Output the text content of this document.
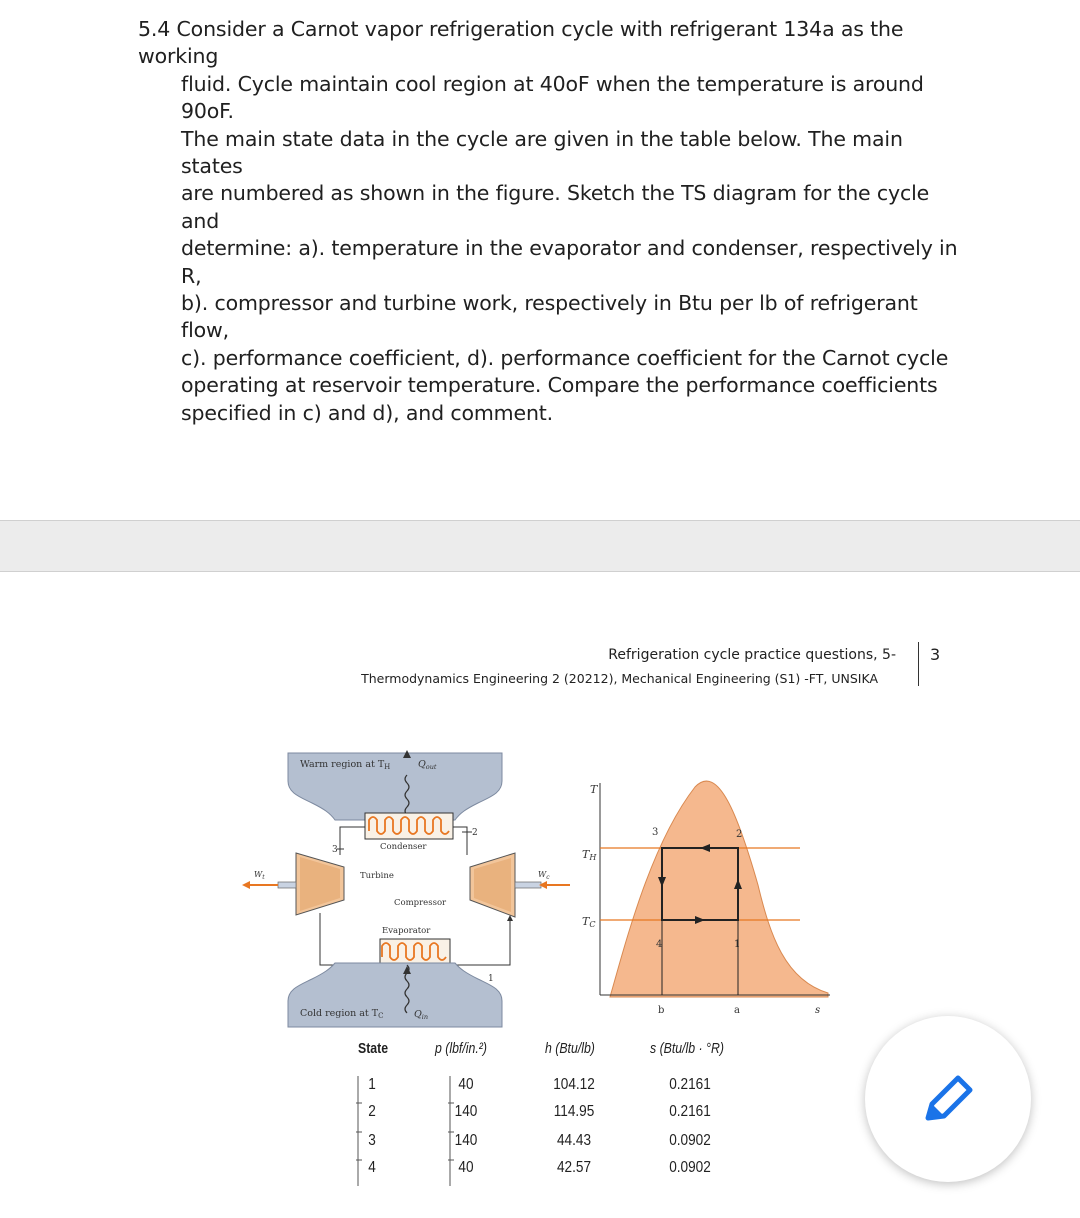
5.4 Consider a Carnot vapor refrigeration cycle with refrigerant 134a as the working
fluid. Cycle maintain cool region at 40oF when the temperature is around 90oF.
The main state data in the cycle are given in the table below. The main states
are numbered as shown in the figure. Sketch the TS diagram for the cycle and
determine: a). temperature in the evaporator and condenser, respectively in R,
b). compressor and turbine work, respectively in Btu per lb of refrigerant flow,
c). performance coefficient, d). performance coefficient for the Carnot cycle
operating at reservoir temperature. Compare the performance coefficients
specified in c) and d), and comment.
Refrigeration cycle practice questions, 5-
Thermodynamics Engineering 2 (20212), Mechanical Engineering (S1) -FT, UNSIKA
3
Warm region at $T_H$	$Q_{out}$
Condenser
3
2
1
Turbine
$W_t$
Compressor
$W_c$
Evaporator
Cold region at $T_C$	$Q_{in}$
T
s
TH
TC
3	2
4	1
b	a
State	p (lbf/in.²)	h (Btu/lb)	s (Btu/lb · °R)
1	40	104.12	0.2161
2	140	114.95	0.2161
3	140	44.43	0.0902
4	40	42.57	0.0902
